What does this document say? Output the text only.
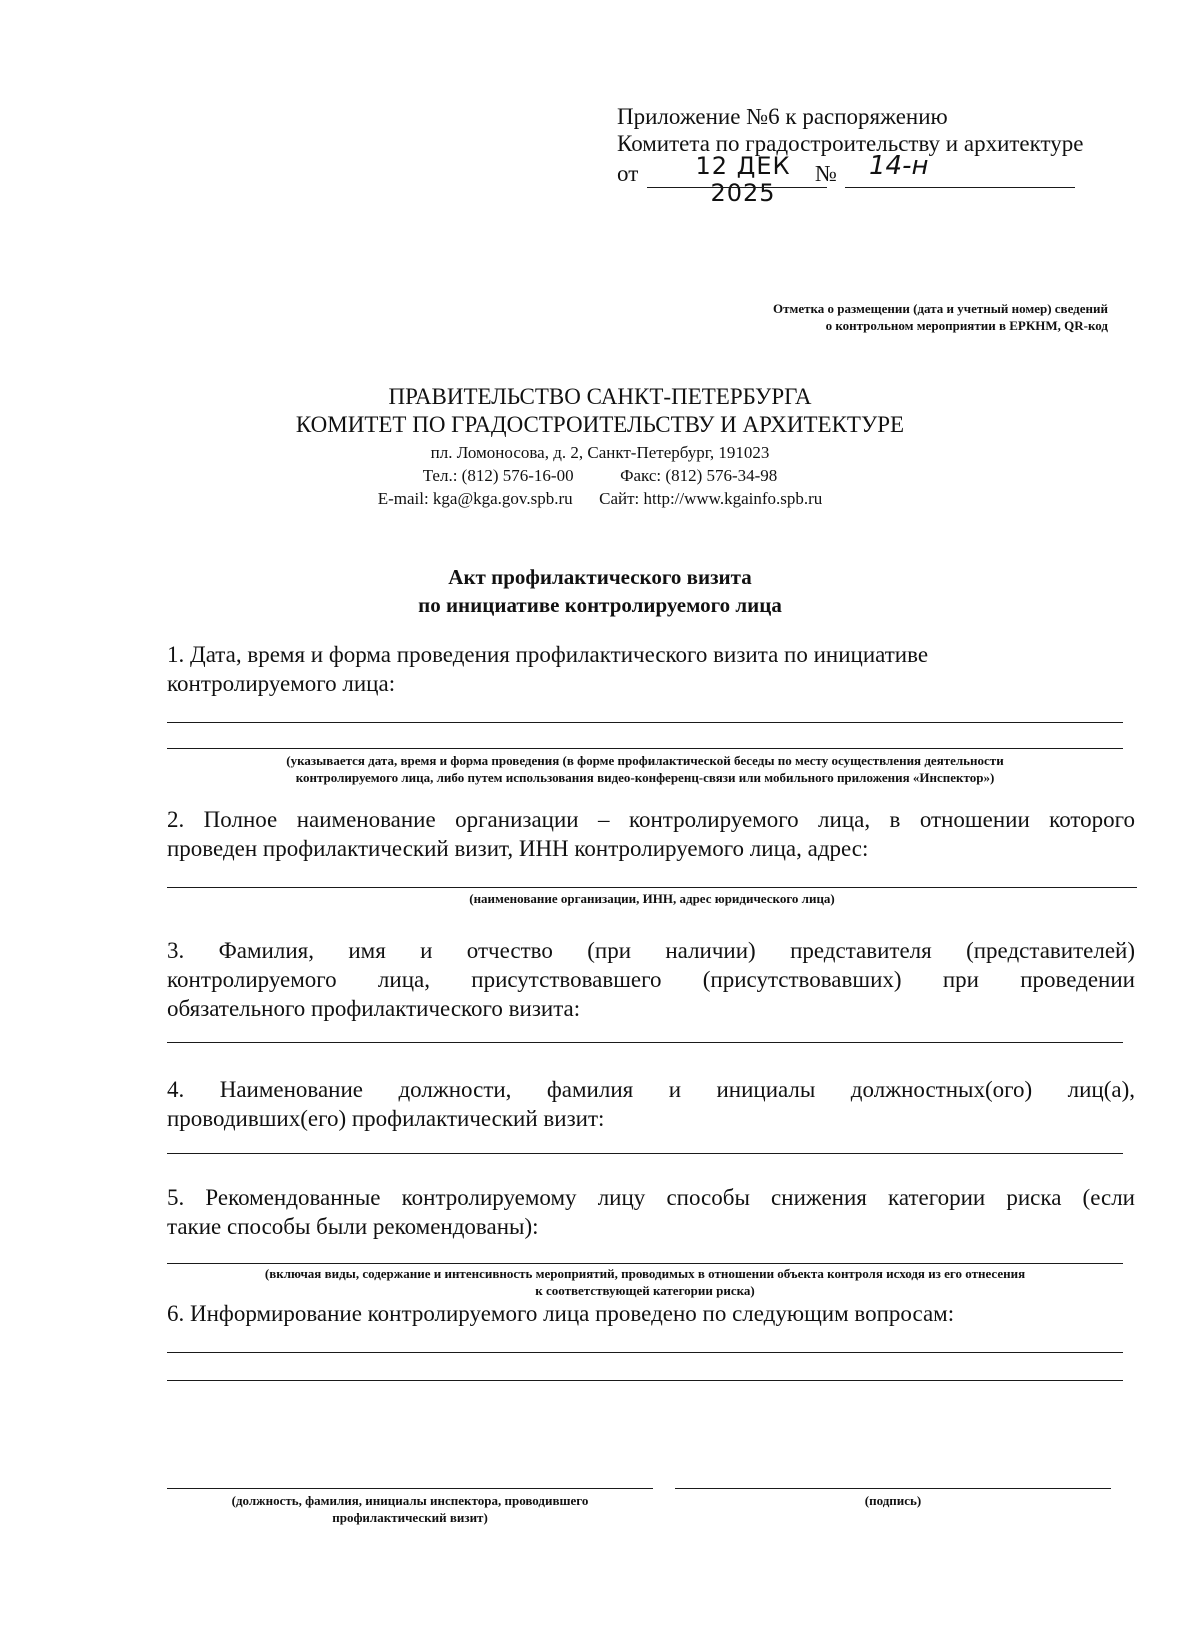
Приложение №6 к распоряжению
Комитета по градостроительству и архитектуре
от	12 ДЕК 2025
№ 14-н
Отметка о размещении (дата и учетный номер) сведений
о контрольном мероприятии в ЕРКНМ, QR-код
ПРАВИТЕЛЬСТВО САНКТ-ПЕТЕРБУРГА
КОМИТЕТ ПО ГРАДОСТРОИТЕЛЬСТВУ И АРХИТЕКТУРЕ
пл. Ломоносова, д. 2, Санкт-Петербург, 191023
Тел.: (812) 576-16-00	Факс: (812) 576-34-98
E-mail: kga@kga.gov.spb.ru Сайт: http://www.kgainfo.spb.ru
Акт профилактического визита
по инициативе контролируемого лица
1. Дата, время и форма проведения профилактического визита по инициативе
контролируемого лица:
(указывается дата, время и форма проведения (в форме профилактической беседы по месту осуществления деятельности
контролируемого лица, либо путем использования видео-конференц-связи или мобильного приложения «Инспектор»)
2. Полное наименование организации – контролируемого лица, в отношении которого
проведен профилактический визит, ИНН контролируемого лица, адрес:
(наименование организации, ИНН, адрес юридического лица)
3. Фамилия, имя и отчество (при наличии) представителя (представителей)
контролируемого лица, присутствовавшего (присутствовавших) при проведении
обязательного профилактического визита:
4. Наименование должности, фамилия и инициалы должностных(ого) лиц(а),
проводивших(его) профилактический визит:
5. Рекомендованные контролируемому лицу способы снижения категории риска (если
такие способы были рекомендованы):
(включая виды, содержание и интенсивность мероприятий, проводимых в отношении объекта контроля исходя из его отнесения
к соответствующей категории риска)
6. Информирование контролируемого лица проведено по следующим вопросам:
(должность, фамилия, инициалы инспектора, проводившего
профилактический визит)
(подпись)
